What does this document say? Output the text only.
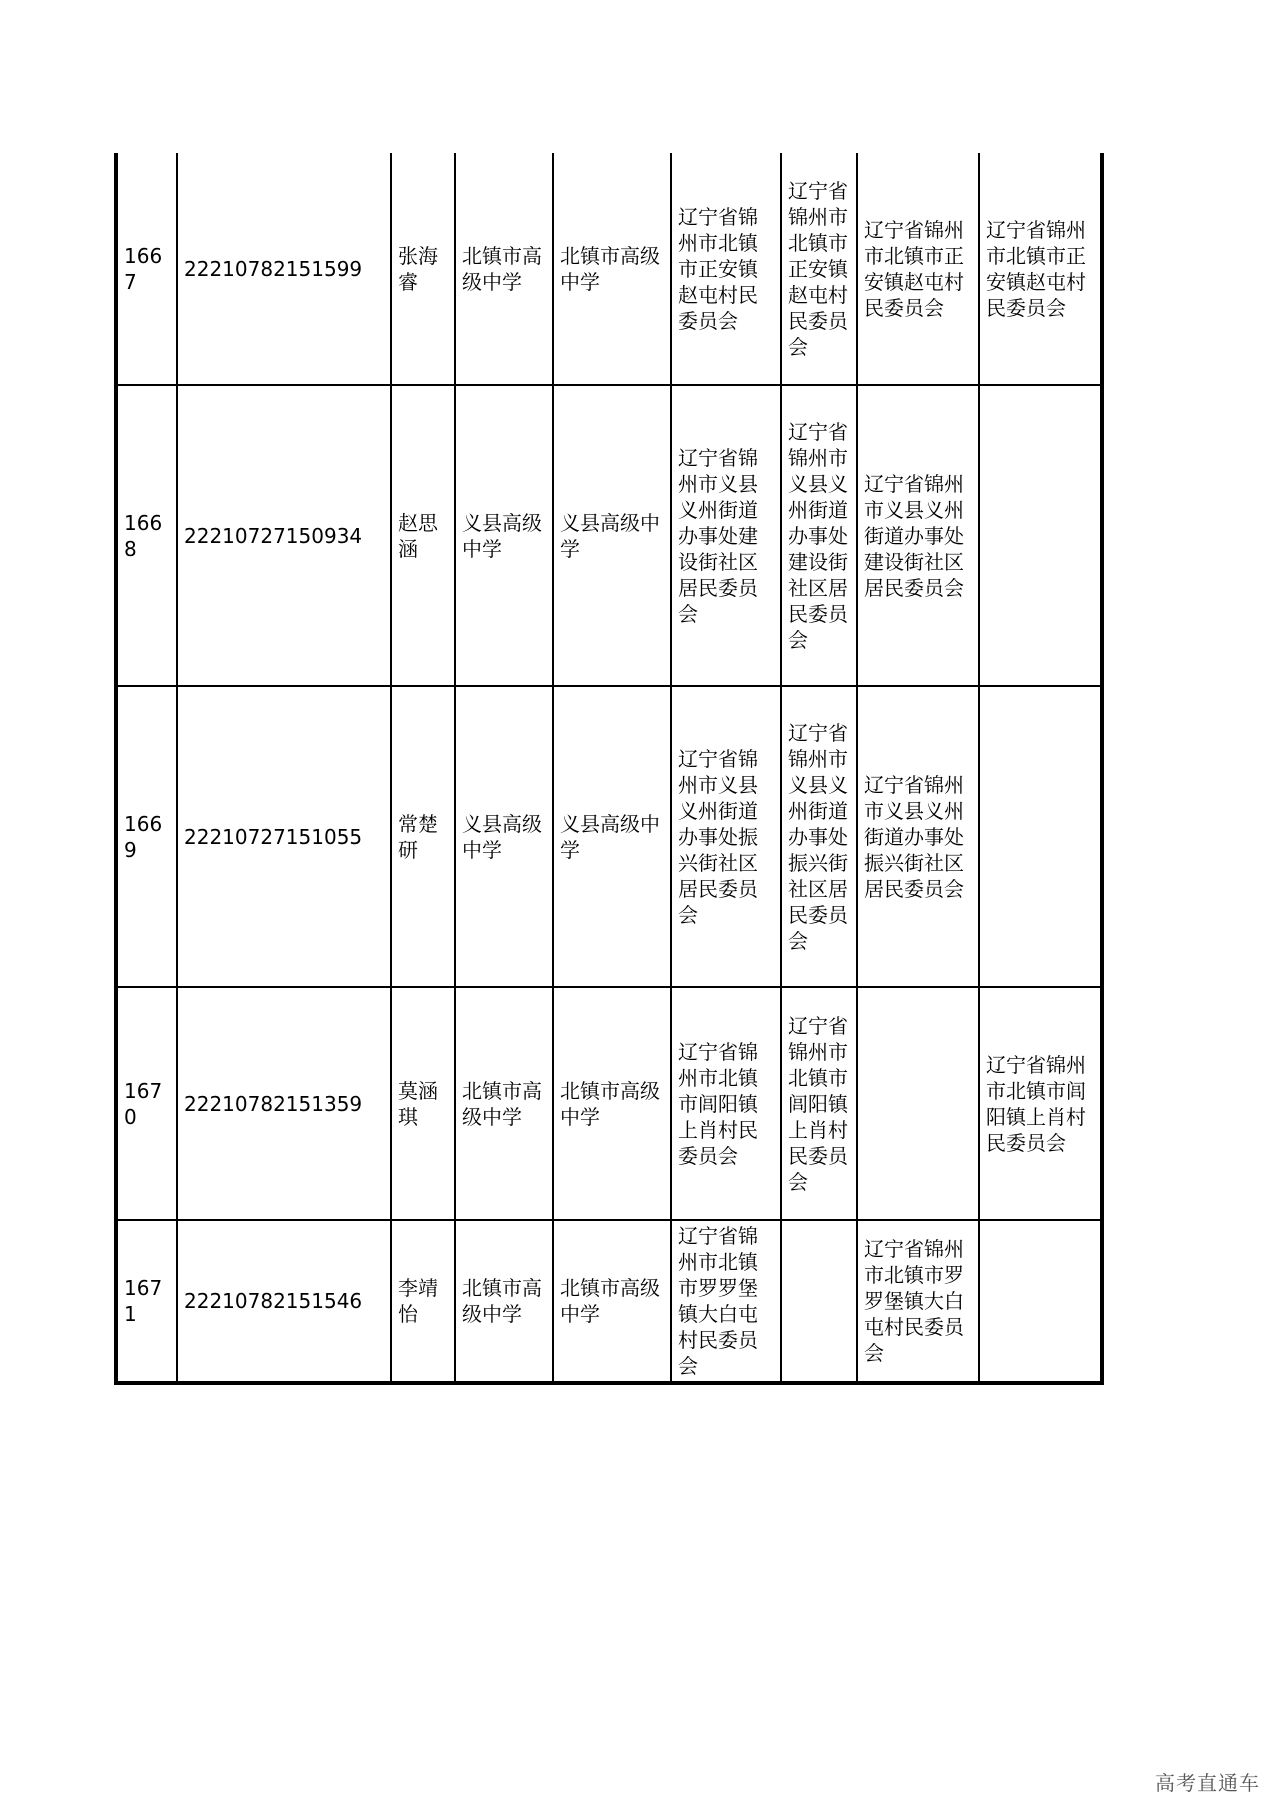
1667	22210782151599	张海睿	北镇市高级中学	北镇市高级中学	辽宁省锦州市北镇市正安镇赵屯村民委员会	辽宁省锦州市北镇市正安镇赵屯村民委员会	辽宁省锦州市北镇市正安镇赵屯村民委员会	辽宁省锦州市北镇市正安镇赵屯村民委员会
1668	22210727150934	赵思涵	义县高级中学	义县高级中学	辽宁省锦州市义县义州街道办事处建设街社区居民委员会	辽宁省锦州市义县义州街道办事处建设街社区居民委员会	辽宁省锦州市义县义州街道办事处建设街社区居民委员会	
1669	22210727151055	常楚研	义县高级中学	义县高级中学	辽宁省锦州市义县义州街道办事处振兴街社区居民委员会	辽宁省锦州市义县义州街道办事处振兴街社区居民委员会	辽宁省锦州市义县义州街道办事处振兴街社区居民委员会	
1670	22210782151359	莫涵琪	北镇市高级中学	北镇市高级中学	辽宁省锦州市北镇市闾阳镇上肖村民委员会	辽宁省锦州市北镇市闾阳镇上肖村民委员会		辽宁省锦州市北镇市闾阳镇上肖村民委员会
1671	22210782151546	李靖怡	北镇市高级中学	北镇市高级中学	辽宁省锦州市北镇市罗罗堡镇大白屯村民委员会		辽宁省锦州市北镇市罗罗堡镇大白屯村民委员会	
高考直通车
